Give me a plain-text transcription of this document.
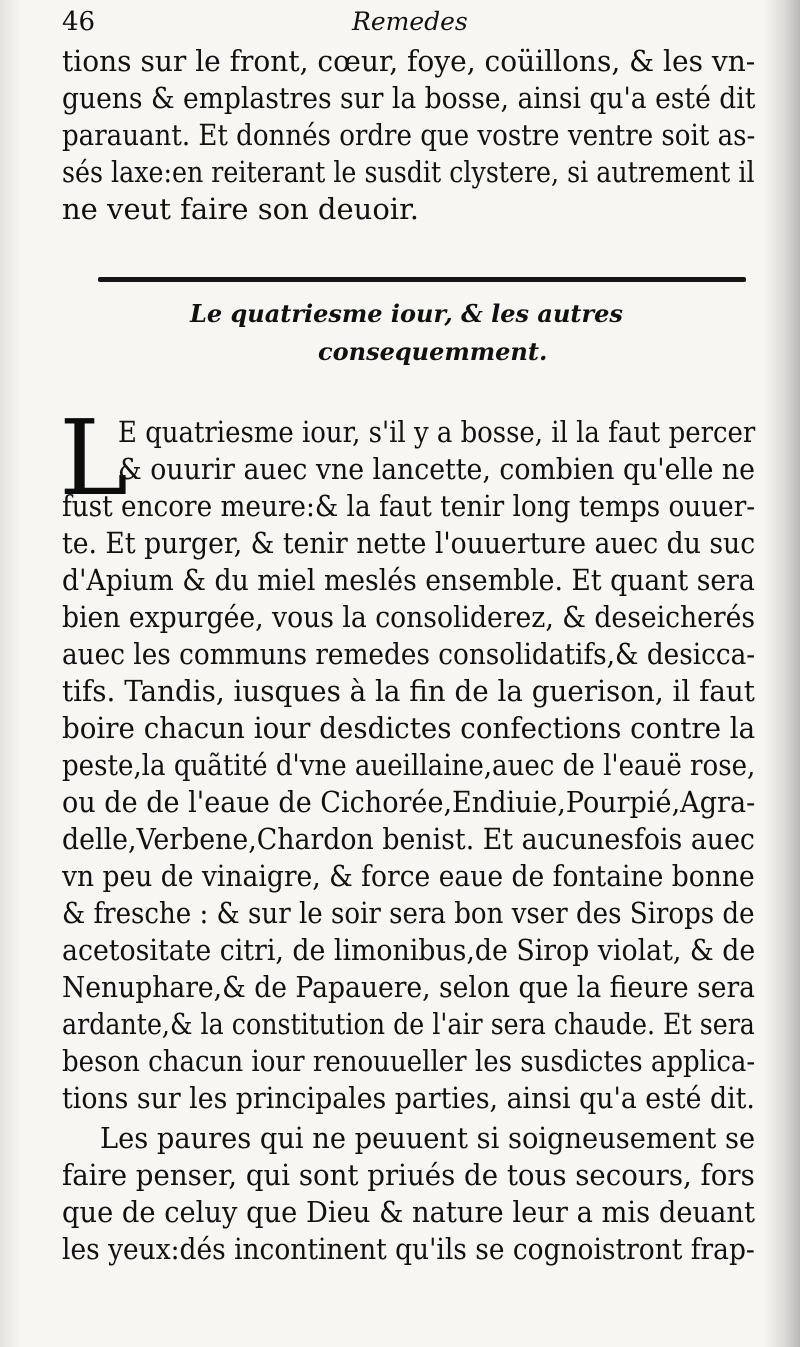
46	Remedes
tions sur le front, cœur, foye, coüillons, & les vn-
guens & emplastres sur la bosse, ainsi qu'a esté dit
parauant. Et donnés ordre que vostre ventre soit as-
sés laxe:en reiterant le susdit clystere, si autrement il
ne veut faire son deuoir.
Le quatriesme iour, & les autres
consequemment.
L
E quatriesme iour, s'il y a bosse, il la faut percer
& ouurir auec vne lancette, combien qu'elle ne
fust encore meure:& la faut tenir long temps ouuer-
te. Et purger, & tenir nette l'ouuerture auec du suc
d'Apium & du miel meslés ensemble. Et quant sera
bien expurgée, vous la consoliderez, & deseicherés
auec les communs remedes consolidatifs,& desicca-
tifs. Tandis, iusques à la fin de la guerison, il faut
boire chacun iour desdictes confections contre la
peste,la quãtité d'vne aueillaine,auec de l'eauë rose,
ou de de l'eaue de Cichorée,Endiuie,Pourpié,Agra-
delle,Verbene,Chardon benist. Et aucunesfois auec
vn peu de vinaigre, & force eaue de fontaine bonne
& fresche : & sur le soir sera bon vser des Sirops de
acetositate citri, de limonibus,de Sirop violat, & de
Nenuphare,& de Papauere, selon que la fieure sera
ardante,& la constitution de l'air sera chaude. Et sera
beson chacun iour renouueller les susdictes applica-
tions sur les principales parties, ainsi qu'a esté dit.
Les paures qui ne peuuent si soigneusement se
faire penser, qui sont priués de tous secours, fors
que de celuy que Dieu & nature leur a mis deuant
les yeux:dés incontinent qu'ils se cognoistront frap-
